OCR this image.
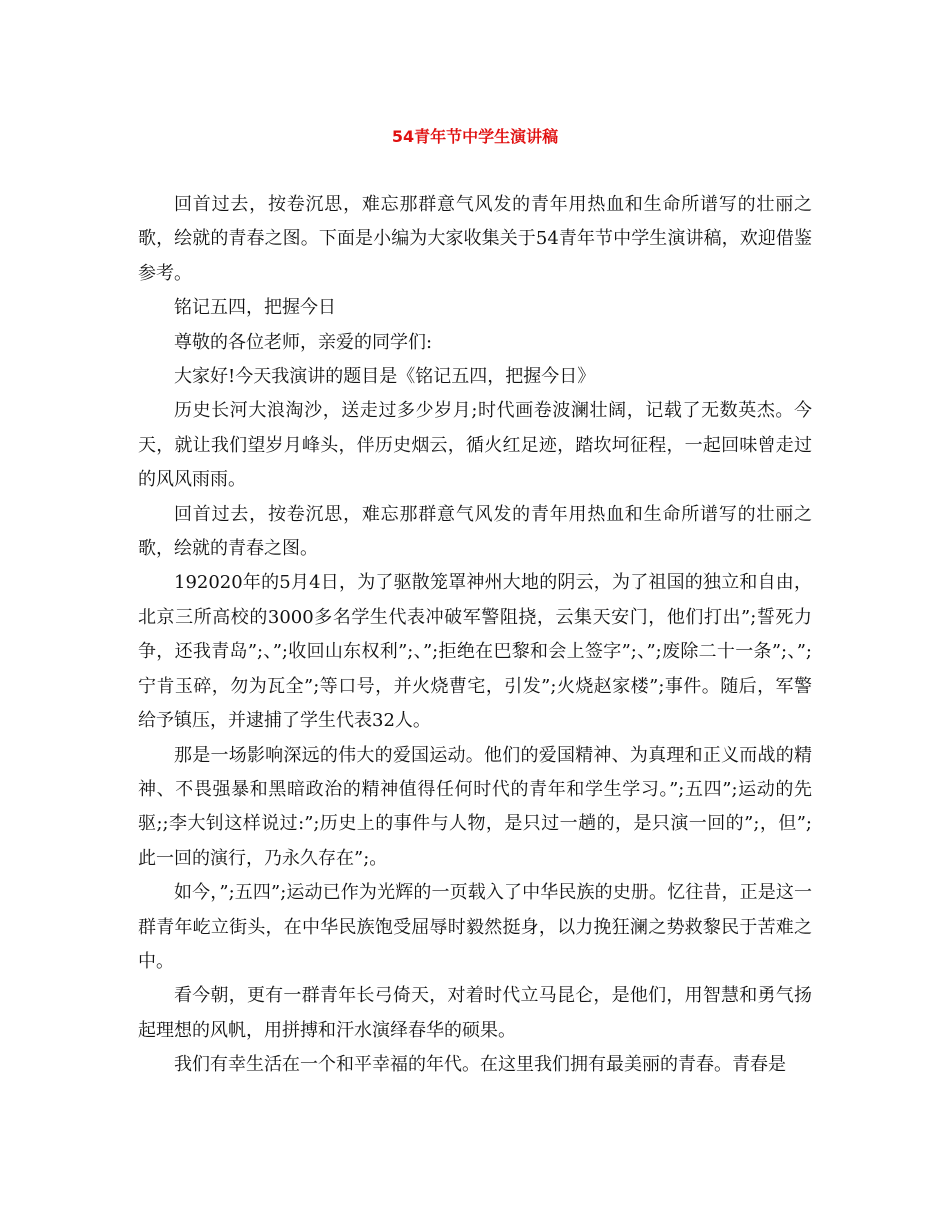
54青年节中学生演讲稿

回首过去，按卷沉思，难忘那群意气风发的青年用热血和生命所谱写的壮丽之歌，绘就的青春之图。下面是小编为大家收集关于54青年节中学生演讲稿，欢迎借鉴参考。

铭记五四，把握今日

尊敬的各位老师，亲爱的同学们:

大家好!今天我演讲的题目是《铭记五四，把握今日》

历史长河大浪淘沙，送走过多少岁月;时代画卷波澜壮阔，记载了无数英杰。今天，就让我们望岁月峰头，伴历史烟云，循火红足迹，踏坎坷征程，一起回味曾走过的风风雨雨。

回首过去，按卷沉思，难忘那群意气风发的青年用热血和生命所谱写的壮丽之歌，绘就的青春之图。

192020年的5月4日，为了驱散笼罩神州大地的阴云，为了祖国的独立和自由，北京三所高校的3000多名学生代表冲破军警阻挠，云集天安门，他们打出”;誓死力争，还我青岛”;、”;收回山东权利”;、”;拒绝在巴黎和会上签字”;、”;废除二十一条”;、”;宁肯玉碎，勿为瓦全”;等口号，并火烧曹宅，引发”;火烧赵家楼”;事件。随后，军警给予镇压，并逮捕了学生代表32人。

那是一场影响深远的伟大的爱国运动。他们的爱国精神、为真理和正义而战的精神、不畏强暴和黑暗政治的精神值得任何时代的青年和学生学习。”;五四”;运动的先驱;;李大钊这样说过:”;历史上的事件与人物，是只过一趟的，是只演一回的”;，但”;此一回的演行，乃永久存在”;。

如今，”;五四”;运动已作为光辉的一页载入了中华民族的史册。忆往昔，正是这一群青年屹立街头，在中华民族饱受屈辱时毅然挺身，以力挽狂澜之势救黎民于苦难之中。

看今朝，更有一群青年长弓倚天，对着时代立马昆仑，是他们，用智慧和勇气扬起理想的风帆，用拼搏和汗水演绎春华的硕果。

我们有幸生活在一个和平幸福的年代。在这里我们拥有最美丽的青春。青春是
